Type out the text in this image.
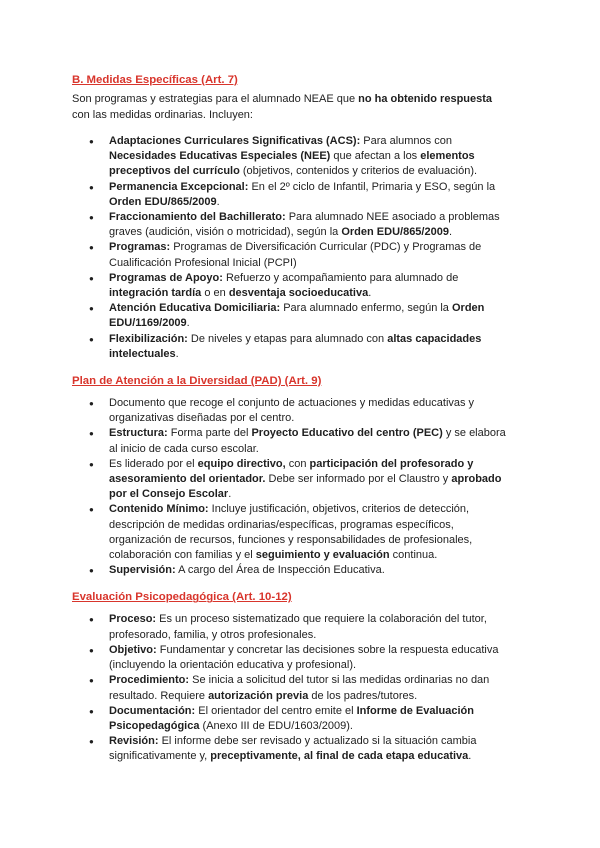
B. Medidas Específicas (Art. 7)

Son programas y estrategias para el alumnado NEAE que no ha obtenido respuesta con las medidas ordinarias. Incluyen:

● Adaptaciones Curriculares Significativas (ACS): Para alumnos con Necesidades Educativas Especiales (NEE) que afectan a los elementos preceptivos del currículo (objetivos, contenidos y criterios de evaluación).
● Permanencia Excepcional: En el 2º ciclo de Infantil, Primaria y ESO, según la Orden EDU/865/2009.
● Fraccionamiento del Bachillerato: Para alumnado NEE asociado a problemas graves (audición, visión o motricidad), según la Orden EDU/865/2009.
● Programas: Programas de Diversificación Curricular (PDC) y Programas de Cualificación Profesional Inicial (PCPI)
● Programas de Apoyo: Refuerzo y acompañamiento para alumnado de integración tardía o en desventaja socioeducativa.
● Atención Educativa Domiciliaria: Para alumnado enfermo, según la Orden EDU/1169/2009.
● Flexibilización: De niveles y etapas para alumnado con altas capacidades intelectuales.
Plan de Atención a la Diversidad (PAD) (Art. 9)
● Documento que recoge el conjunto de actuaciones y medidas educativas y organizativas diseñadas por el centro.
● Estructura: Forma parte del Proyecto Educativo del centro (PEC) y se elabora al inicio de cada curso escolar.
● Es liderado por el equipo directivo, con participación del profesorado y asesoramiento del orientador. Debe ser informado por el Claustro y aprobado por el Consejo Escolar.
● Contenido Mínimo: Incluye justificación, objetivos, criterios de detección, descripción de medidas ordinarias/específicas, programas específicos, organización de recursos, funciones y responsabilidades de profesionales, colaboración con familias y el seguimiento y evaluación continua.
● Supervisión: A cargo del Área de Inspección Educativa.
Evaluación Psicopedagógica (Art. 10-12)
● Proceso: Es un proceso sistematizado que requiere la colaboración del tutor, profesorado, familia, y otros profesionales.
● Objetivo: Fundamentar y concretar las decisiones sobre la respuesta educativa (incluyendo la orientación educativa y profesional).
● Procedimiento: Se inicia a solicitud del tutor si las medidas ordinarias no dan resultado. Requiere autorización previa de los padres/tutores.
● Documentación: El orientador del centro emite el Informe de Evaluación Psicopedagógica (Anexo III de EDU/1603/2009).
● Revisión: El informe debe ser revisado y actualizado si la situación cambia significativamente y, preceptivamente, al final de cada etapa educativa.
